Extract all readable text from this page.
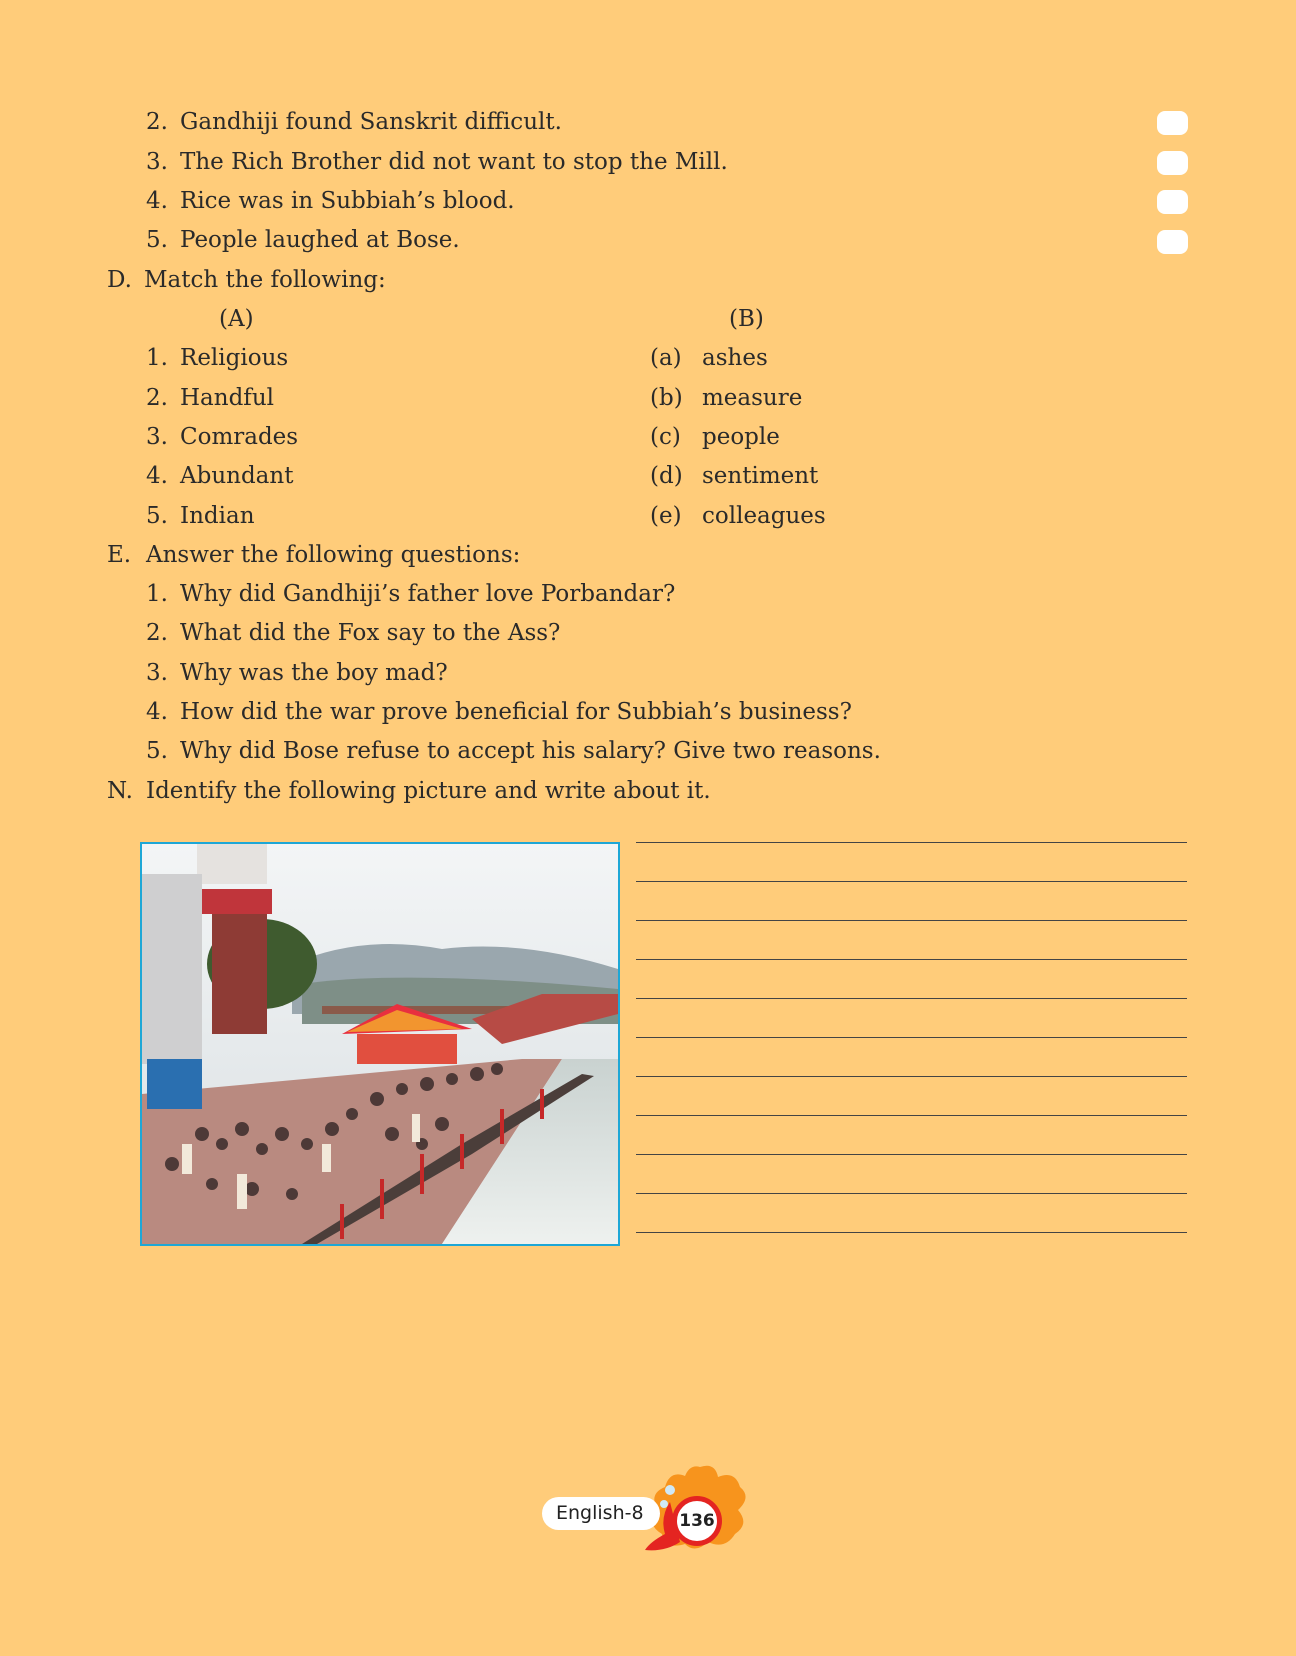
2. Gandhiji found Sanskrit difficult.
3. The Rich Brother did not want to stop the Mill.
4. Rice was in Subbiah’s blood.
5. People laughed at Bose.
D. Match the following:
(A)	(B)
1. Religious	(a) ashes
2. Handful	(b) measure
3. Comrades	(c) people
4. Abundant	(d) sentiment
5. Indian	(e) colleagues
E. Answer the following questions:
1. Why did Gandhiji’s father love Porbandar?
2. What did the Fox say to the Ass?
3. Why was the boy mad?
4. How did the war prove beneficial for Subbiah’s business?
5. Why did Bose refuse to accept his salary? Give two reasons.
N. Identify the following picture and write about it.
English-8	136
